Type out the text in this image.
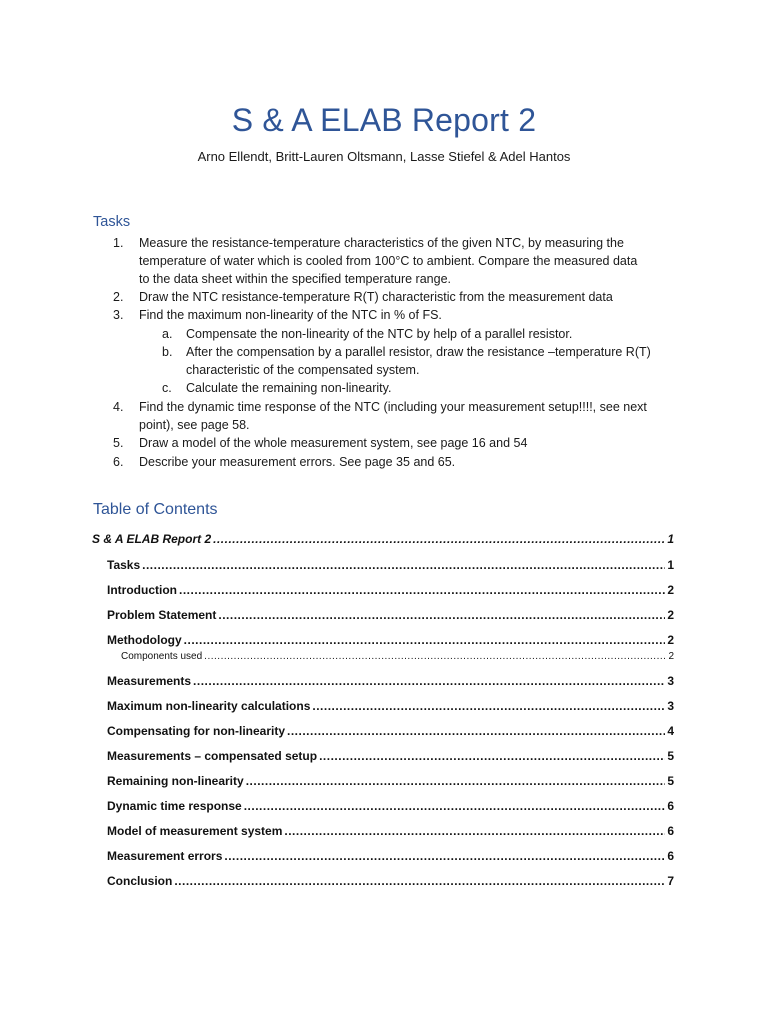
S & A ELAB Report 2
Arno Ellendt, Britt-Lauren Oltsmann, Lasse Stiefel & Adel Hantos
Tasks
1.	Measure the resistance-temperature characteristics of the given NTC, by measuring the
temperature of water which is cooled from 100°C to ambient. Compare the measured data
to the data sheet within the specified temperature range.
2.	Draw the NTC resistance-temperature R(T) characteristic from the measurement data
3.	Find the maximum non-linearity of the NTC in % of FS.
a.	Compensate the non-linearity of the NTC by help of a parallel resistor.
b.	After the compensation by a parallel resistor, draw the resistance –temperature R(T)
characteristic of the compensated system.
c.	Calculate the remaining non-linearity.
4.	Find the dynamic time response of the NTC (including your measurement setup!!!!, see next
point), see page 58.
5.	Draw a model of the whole measurement system, see page 16 and 54
6.	Describe your measurement errors. See page 35 and 65.
Table of Contents
S & A ELAB Report 2 .....	1
Tasks .....	1
Introduction .....	2
Problem Statement .....	2
Methodology .....	2
Components used .....	2
Measurements .....	3
Maximum non-linearity calculations .....	3
Compensating for non-linearity .....	4
Measurements – compensated setup .....	5
Remaining non-linearity .....	5
Dynamic time response .....	6
Model of measurement system .....	6
Measurement errors .....	6
Conclusion .....	7
